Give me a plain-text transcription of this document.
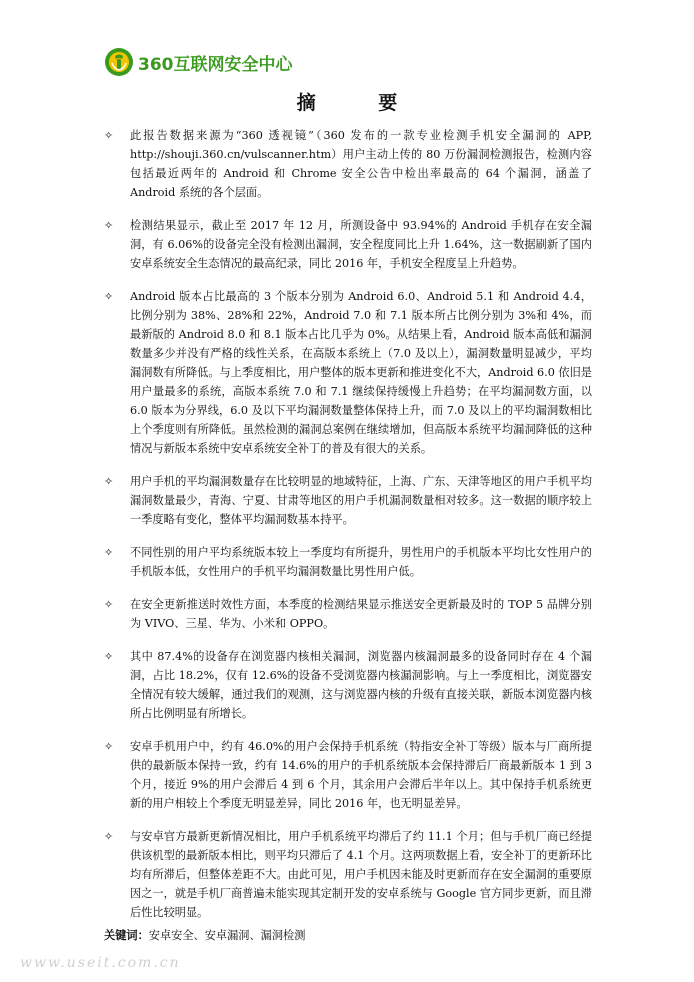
360互联网安全中心
摘 要
✧ 此报告数据来源为“360 透视镜”（360 发布的一款专业检测手机安全漏洞的 APP, http://shouji.360.cn/vulscanner.htm）用户主动上传的 80 万份漏洞检测报告，检测内容包括最近两年的 Android 和 Chrome 安全公告中检出率最高的 64 个漏洞，涵盖了 Android 系统的各个层面。
✧ 检测结果显示，截止至 2017 年 12 月，所测设备中 93.94%的 Android 手机存在安全漏洞，有 6.06%的设备完全没有检测出漏洞，安全程度同比上升 1.64%，这一数据刷新了国内安卓系统安全生态情况的最高纪录，同比 2016 年，手机安全程度呈上升趋势。
✧ Android 版本占比最高的 3 个版本分别为 Android 6.0、Android 5.1 和 Android 4.4，比例分别为 38%、28%和 22%，Android 7.0 和 7.1 版本所占比例分别为 3%和 4%，而最新版的 Android 8.0 和 8.1 版本占比几乎为 0%。从结果上看，Android 版本高低和漏洞数量多少并没有严格的线性关系，在高版本系统上（7.0 及以上），漏洞数量明显减少，平均漏洞数有所降低。与上季度相比，用户整体的版本更新和推进变化不大，Android 6.0 依旧是用户量最多的系统，高版本系统 7.0 和 7.1 继续保持缓慢上升趋势；在平均漏洞数方面，以 6.0 版本为分界线，6.0 及以下平均漏洞数量整体保持上升，而 7.0 及以上的平均漏洞数相比上个季度则有所降低。虽然检测的漏洞总案例在继续增加，但高版本系统平均漏洞降低的这种情况与新版本系统中安卓系统安全补丁的普及有很大的关系。
✧ 用户手机的平均漏洞数量存在比较明显的地域特征，上海、广东、天津等地区的用户手机平均漏洞数量最少，青海、宁夏、甘肃等地区的用户手机漏洞数量相对较多。这一数据的顺序较上一季度略有变化，整体平均漏洞数基本持平。
✧ 不同性别的用户平均系统版本较上一季度均有所提升，男性用户的手机版本平均比女性用户的手机版本低，女性用户的手机平均漏洞数量比男性用户低。
✧ 在安全更新推送时效性方面，本季度的检测结果显示推送安全更新最及时的 TOP 5 品牌分别为 VIVO、三星、华为、小米和 OPPO。
✧ 其中 87.4%的设备存在浏览器内核相关漏洞，浏览器内核漏洞最多的设备同时存在 4 个漏洞，占比 18.2%，仅有 12.6%的设备不受浏览器内核漏洞影响。与上一季度相比，浏览器安全情况有较大缓解，通过我们的观测，这与浏览器内核的升级有直接关联，新版本浏览器内核所占比例明显有所增长。
✧ 安卓手机用户中，约有 46.0%的用户会保持手机系统（特指安全补丁等级）版本与厂商所提供的最新版本保持一致，约有 14.6%的用户的手机系统版本会保持滞后厂商最新版本 1 到 3 个月，接近 9%的用户会滞后 4 到 6 个月，其余用户会滞后半年以上。其中保持手机系统更新的用户相较上个季度无明显差异，同比 2016 年，也无明显差异。
✧ 与安卓官方最新更新情况相比，用户手机系统平均滞后了约 11.1 个月；但与手机厂商已经提供该机型的最新版本相比，则平均只滞后了 4.1 个月。这两项数据上看，安全补丁的更新环比均有所滞后，但整体差距不大。由此可见，用户手机因未能及时更新而存在安全漏洞的重要原因之一，就是手机厂商普遍未能实现其定制开发的安卓系统与 Google 官方同步更新，而且滞后性比较明显。
关键词：安卓安全、安卓漏洞、漏洞检测
www.useit.com.cn
